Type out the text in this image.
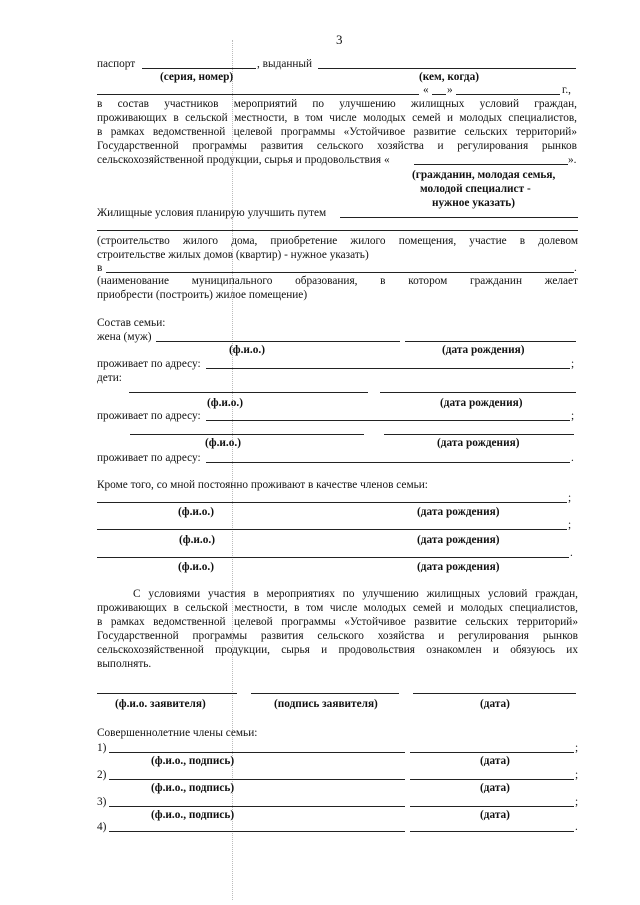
3
паспорт	, выданный
(серия, номер)	(кем, когда)
« »	г.,
в состав участников мероприятий по улучшению жилищных условий граждан,
проживающих в сельской местности, в том числе молодых семей и молодых специалистов,
в рамках ведомственной целевой программы «Устойчивое развитие сельских территорий»
Государственной программы развития сельского хозяйства и регулирования рынков
сельскохозяйственной продукции, сырья и продовольствия «	».
(гражданин, молодая семья,
молодой специалист -
нужное указать)
Жилищные условия планирую улучшить путем
(строительство жилого дома, приобретение жилого помещения, участие в долевом
строительстве жилых домов (квартир) - нужное указать)
в	.
(наименование муниципального образования, в котором гражданин желает
приобрести (построить) жилое помещение)
Состав семьи:
жена (муж)
(ф.и.о.)	(дата рождения)
проживает по адресу:	;
дети:
(ф.и.о.)	(дата рождения)
проживает по адресу:	;
(ф.и.о.)	(дата рождения)
проживает по адресу:	.
Кроме того, со мной постоянно проживают в качестве членов семьи:
;
(ф.и.о.)	(дата рождения)
;
(ф.и.о.)	(дата рождения)
.
(ф.и.о.)	(дата рождения)
С условиями участия в мероприятиях по улучшению жилищных условий граждан,
проживающих в сельской местности, в том числе молодых семей и молодых специалистов,
в рамках ведомственной целевой программы «Устойчивое развитие сельских территорий»
Государственной программы развития сельского хозяйства и регулирования рынков
сельскохозяйственной продукции, сырья и продовольствия ознакомлен и обязуюсь их
выполнять.
(ф.и.о. заявителя)	(подпись заявителя)	(дата)
Совершеннолетние члены семьи:
1)	;
(ф.и.о., подпись)	(дата)
2)	;
(ф.и.о., подпись)	(дата)
3)	;
(ф.и.о., подпись)	(дата)
4)	.
